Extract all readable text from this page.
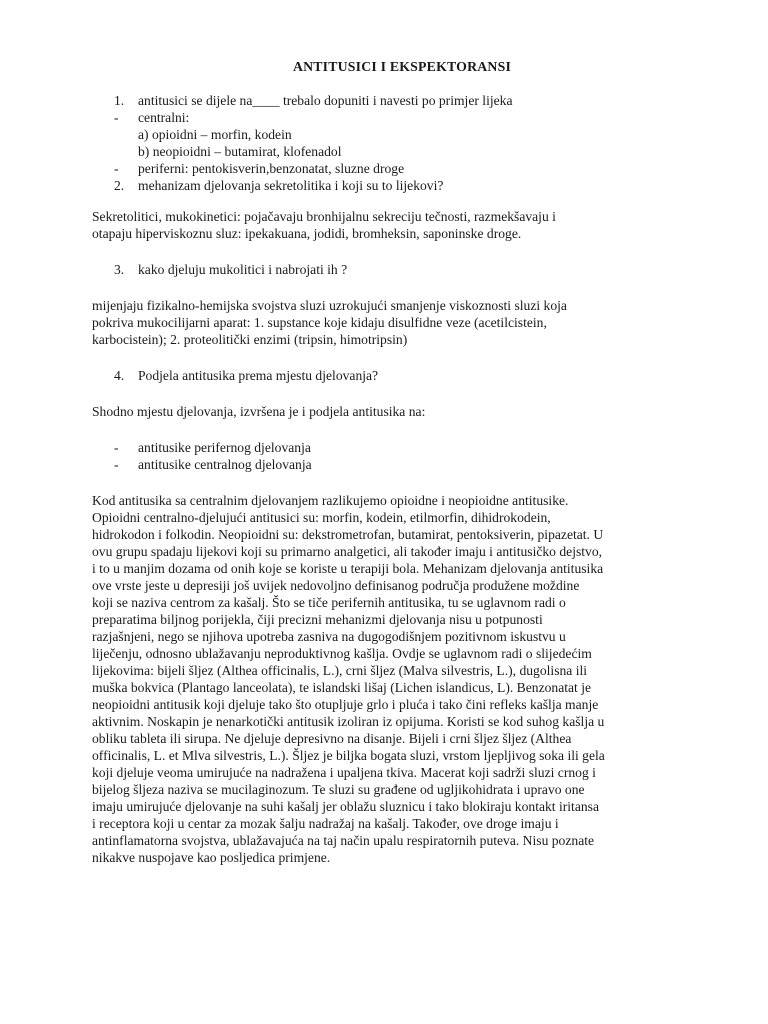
ANTITUSICI I EKSPEKTORANSI
1. antitusici se dijele na____ trebalo dopuniti i navesti po primjer lijeka
- centralni:
a) opioidni – morfin, kodein
b) neopioidni – butamirat, klofenadol
- periferni: pentokisverin,benzonatat, sluzne droge
2. mehanizam djelovanja sekretolitika i koji su to lijekovi?

Sekretolitici, mukokinetici: pojačavaju bronhijalnu sekreciju tečnosti, razmekšavaju i
otapaju hiperviskoznu sluz: ipekakuana, jodidi, bromheksin, saponinske droge.

3. kako djeluju mukolitici i nabrojati ih ?

mijenjaju fizikalno-hemijska svojstva sluzi uzrokujući smanjenje viskoznosti sluzi koja
pokriva mukocilijarni aparat: 1. supstance koje kidaju disulfidne veze (acetilcistein,
karbocistein); 2. proteolitički enzimi (tripsin, himotripsin)

4. Podjela antitusika prema mjestu djelovanja?

Shodno mjestu djelovanja, izvršena je i podjela antitusika na:

- antitusike perifernog djelovanja
- antitusike centralnog djelovanja

Kod antitusika sa centralnim djelovanjem razlikujemo opioidne i neopioidne antitusike.
Opioidni centralno-djelujući antitusici su: morfin, kodein, etilmorfin, dihidrokodein,
hidrokodon i folkodin. Neopioidni su: dekstrometrofan, butamirat, pentoksiverin, pipazetat. U
ovu grupu spadaju lijekovi koji su primarno analgetici, ali također imaju i antitusičko dejstvo,
i to u manjim dozama od onih koje se koriste u terapiji bola. Mehanizam djelovanja antitusika
ove vrste jeste u depresiji još uvijek nedovoljno definisanog područja produžene moždine
koji se naziva centrom za kašalj. Što se tiče perifernih antitusika, tu se uglavnom radi o
preparatima biljnog porijekla, čiji precizni mehanizmi djelovanja nisu u potpunosti
razjašnjeni, nego se njihova upotreba zasniva na dugogodišnjem pozitivnom iskustvu u
liječenju, odnosno ublažavanju neproduktivnog kašlja. Ovdje se uglavnom radi o slijedećim
lijekovima: bijeli šljez (Althea officinalis, L.), crni šljez (Malva silvestris, L.), dugolisna ili
muška bokvica (Plantago lanceolata), te islandski lišaj (Lichen islandicus, L). Benzonatat je
neopioidni antitusik koji djeluje tako što otupljuje grlo i pluća i tako čini refleks kašlja manje
aktivnim. Noskapin je nenarkotički antitusik izoliran iz opijuma. Koristi se kod suhog kašlja u
obliku tableta ili sirupa. Ne djeluje depresivno na disanje. Bijeli i crni šljez šljez (Althea
officinalis, L. et Mlva silvestris, L.). Šljez je biljka bogata sluzi, vrstom ljepljivog soka ili gela
koji djeluje veoma umirujuće na nadražena i upaljena tkiva. Macerat koji sadrži sluzi crnog i
bijelog šljeza naziva se mucilaginozum. Te sluzi su građene od ugljikohidrata i upravo one
imaju umirujuće djelovanje na suhi kašalj jer oblažu sluznicu i tako blokiraju kontakt iritansa
i receptora koji u centar za mozak šalju nadražaj na kašalj. Također, ove droge imaju i
antinflamatorna svojstva, ublažavajuća na taj način upalu respiratornih puteva. Nisu poznate
nikakve nuspojave kao posljedica primjene.
